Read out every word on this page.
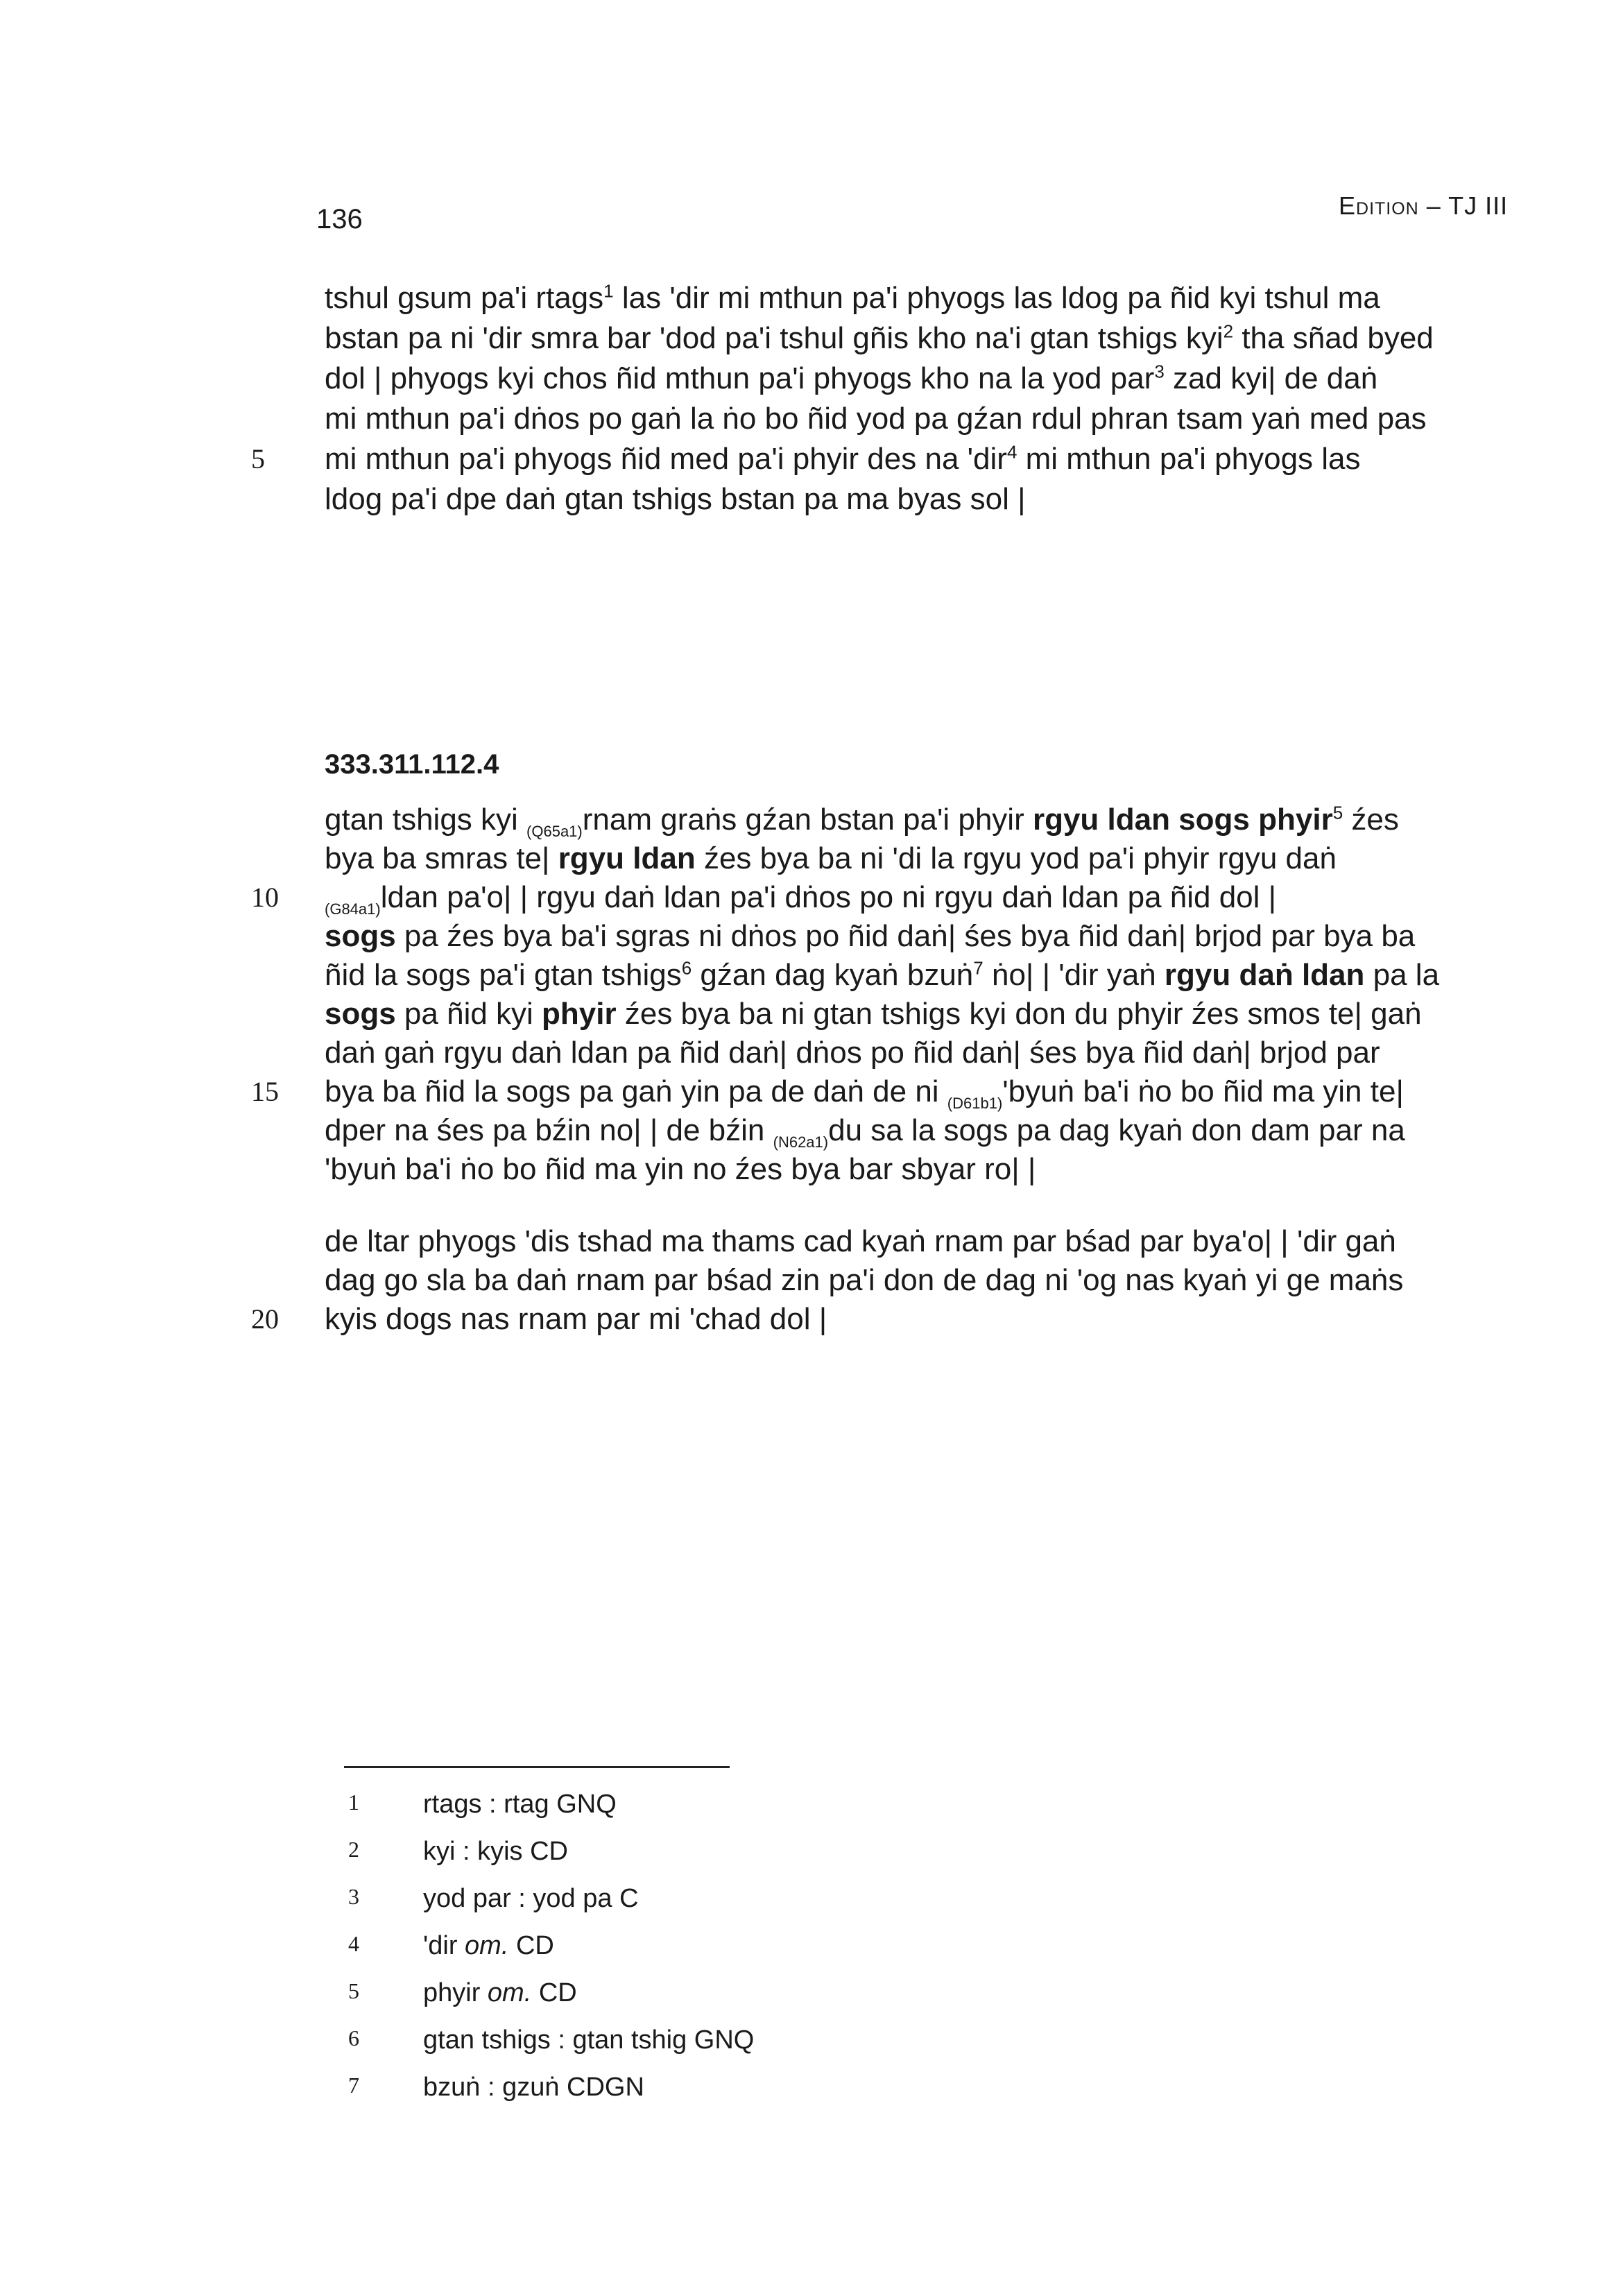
136	Edition – TJ III
tshul gsum pa'i rtags$^1$ las 'dir mi mthun pa'i phyogs las ldog pa ñid kyi tshul ma
bstan pa ni 'dir smra bar 'dod pa'i tshul gñis kho na'i gtan tshigs kyi$^2$ tha sñad byed
dol | phyogs kyi chos ñid mthun pa'i phyogs kho na la yod par$^3$ zad kyi| de daṅ
mi mthun pa'i dṅos po gaṅ la ṅo bo ñid yod pa gźan rdul phran tsam yaṅ med pas
5 mi mthun pa'i phyogs ñid med pa'i phyir des na 'dir$^4$ mi mthun pa'i phyogs las
ldog pa'i dpe daṅ gtan tshigs bstan pa ma byas sol |
333.311.112.4
gtan tshigs kyi $_{(Q65a1)}$rnam graṅs gźan bstan pa'i phyir rgyu ldan sogs phyir$^5$ źes
bya ba smras te| rgyu ldan źes bya ba ni 'di la rgyu yod pa'i phyir rgyu daṅ
10	$_{(G84a1)}$ldan pa'o| | rgyu daṅ ldan pa'i dṅos po ni rgyu daṅ ldan pa ñid dol |
sogs pa źes bya ba'i sgras ni dṅos po ñid daṅ| śes bya ñid daṅ| brjod par bya ba
ñid la sogs pa'i gtan tshigs$^6$ gźan dag kyaṅ bzuṅ$^7$ ṅo| | 'dir yaṅ rgyu daṅ ldan pa la
sogs pa ñid kyi phyir źes bya ba ni gtan tshigs kyi don du phyir źes smos te| gaṅ
daṅ gaṅ rgyu daṅ ldan pa ñid daṅ| dṅos po ñid daṅ| śes bya ñid daṅ| brjod par
15 bya ba ñid la sogs pa gaṅ yin pa de daṅ de ni $_{(D61b1)}$'byuṅ ba'i ṅo bo ñid ma yin te|
dper na śes pa bźin no| | de bźin $_{(N62a1)}$du sa la sogs pa dag kyaṅ don dam par na
'byuṅ ba'i ṅo bo ñid ma yin no źes bya bar sbyar ro| |
de ltar phyogs 'dis tshad ma thams cad kyaṅ rnam par bśad par bya'o| | 'dir gaṅ
dag go sla ba daṅ rnam par bśad zin pa'i don de dag ni 'og nas kyaṅ yi ge maṅs
20 kyis dogs nas rnam par mi 'chad dol |
1 rtags : rtag GNQ
2 kyi : kyis CD
3 yod par : yod pa C
4 'dir om. CD
5 phyir om. CD
6 gtan tshigs : gtan tshig GNQ
7 bzuṅ : gzuṅ CDGN
